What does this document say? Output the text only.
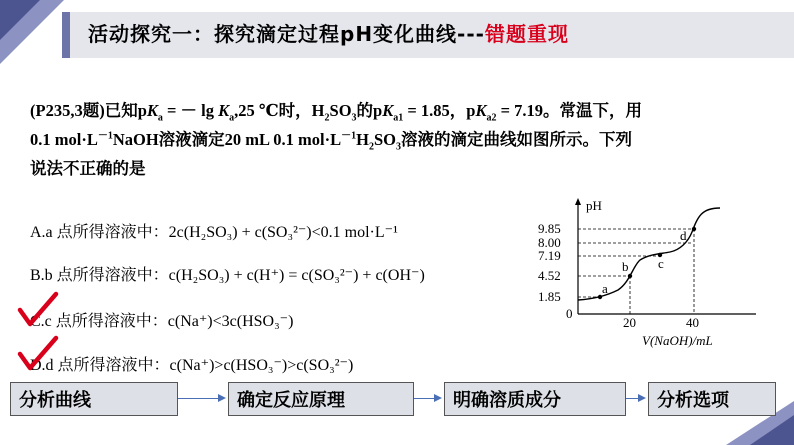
活动探究一：探究滴定过程pH变化曲线---错题重现
(P235,3题)已知$pK_a$ = － $\lg K_a,25$ ℃时，$H_2SO_3$的$pK_{a1} = 1.85$，$pK_{a2} = 7.19$。常温下，用
0.1 $mol\cdot L^{-1}NaOH$溶液滴定20 mL 0.1 $mol\cdot L^{-1}H_2SO_3$溶液的滴定曲线如图所示。下列
说法不正确的是
A.a 点所得溶液中：2c(H₂SO₃) + c(SO₃²⁻)<0.1 mol·L⁻¹
B.b 点所得溶液中：c(H₂SO₃) + c(H⁺) = c(SO₃²⁻) + c(OH⁻)
C.c 点所得溶液中：c(Na⁺)<3c(HSO₃⁻)
D.d 点所得溶液中：c(Na⁺)>c(HSO₃⁻)>c(SO₃²⁻)
pH
9.85
8.00
7.19
4.52
1.85
0
20	40
a
b c
d
V(NaOH)/mL
分析曲线	确定反应原理	明确溶质成分	分析选项
